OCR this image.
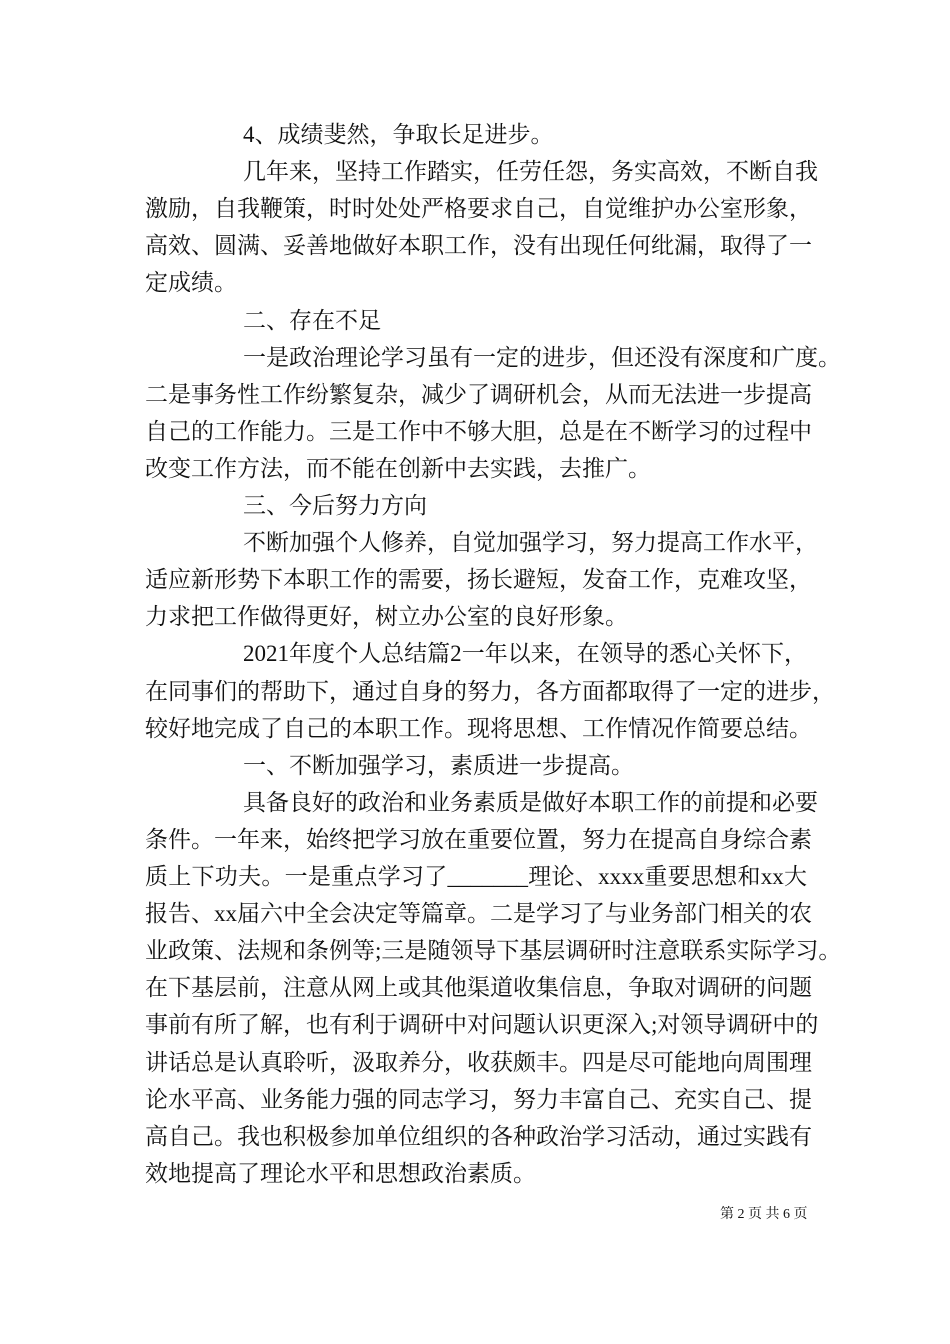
4、成绩斐然，争取长足进步。
几年来，坚持工作踏实，任劳任怨，务实高效，不断自我
激励，自我鞭策，时时处处严格要求自己，自觉维护办公室形象，
高效、圆满、妥善地做好本职工作，没有出现任何纰漏，取得了一
定成绩。
二、存在不足
一是政治理论学习虽有一定的进步，但还没有深度和广度。
二是事务性工作纷繁复杂，减少了调研机会，从而无法进一步提高
自己的工作能力。三是工作中不够大胆，总是在不断学习的过程中
改变工作方法，而不能在创新中去实践，去推广。
三、今后努力方向
不断加强个人修养，自觉加强学习，努力提高工作水平，
适应新形势下本职工作的需要，扬长避短，发奋工作，克难攻坚，
力求把工作做得更好，树立办公室的良好形象。
2021年度个人总结篇2一年以来，在领导的悉心关怀下，
在同事们的帮助下，通过自身的努力，各方面都取得了一定的进步，
较好地完成了自己的本职工作。现将思想、工作情况作简要总结。
一、不断加强学习，素质进一步提高。
具备良好的政治和业务素质是做好本职工作的前提和必要
条件。一年来，始终把学习放在重要位置，努力在提高自身综合素
质上下功夫。一是重点学习了_______理论、xxxx重要思想和xx大
报告、xx届六中全会决定等篇章。二是学习了与业务部门相关的农
业政策、法规和条例等;三是随领导下基层调研时注意联系实际学习。
在下基层前，注意从网上或其他渠道收集信息，争取对调研的问题
事前有所了解，也有利于调研中对问题认识更深入;对领导调研中的
讲话总是认真聆听，汲取养分，收获颇丰。四是尽可能地向周围理
论水平高、业务能力强的同志学习，努力丰富自己、充实自己、提
高自己。我也积极参加单位组织的各种政治学习活动，通过实践有
效地提高了理论水平和思想政治素质。
第 2 页 共 6 页
